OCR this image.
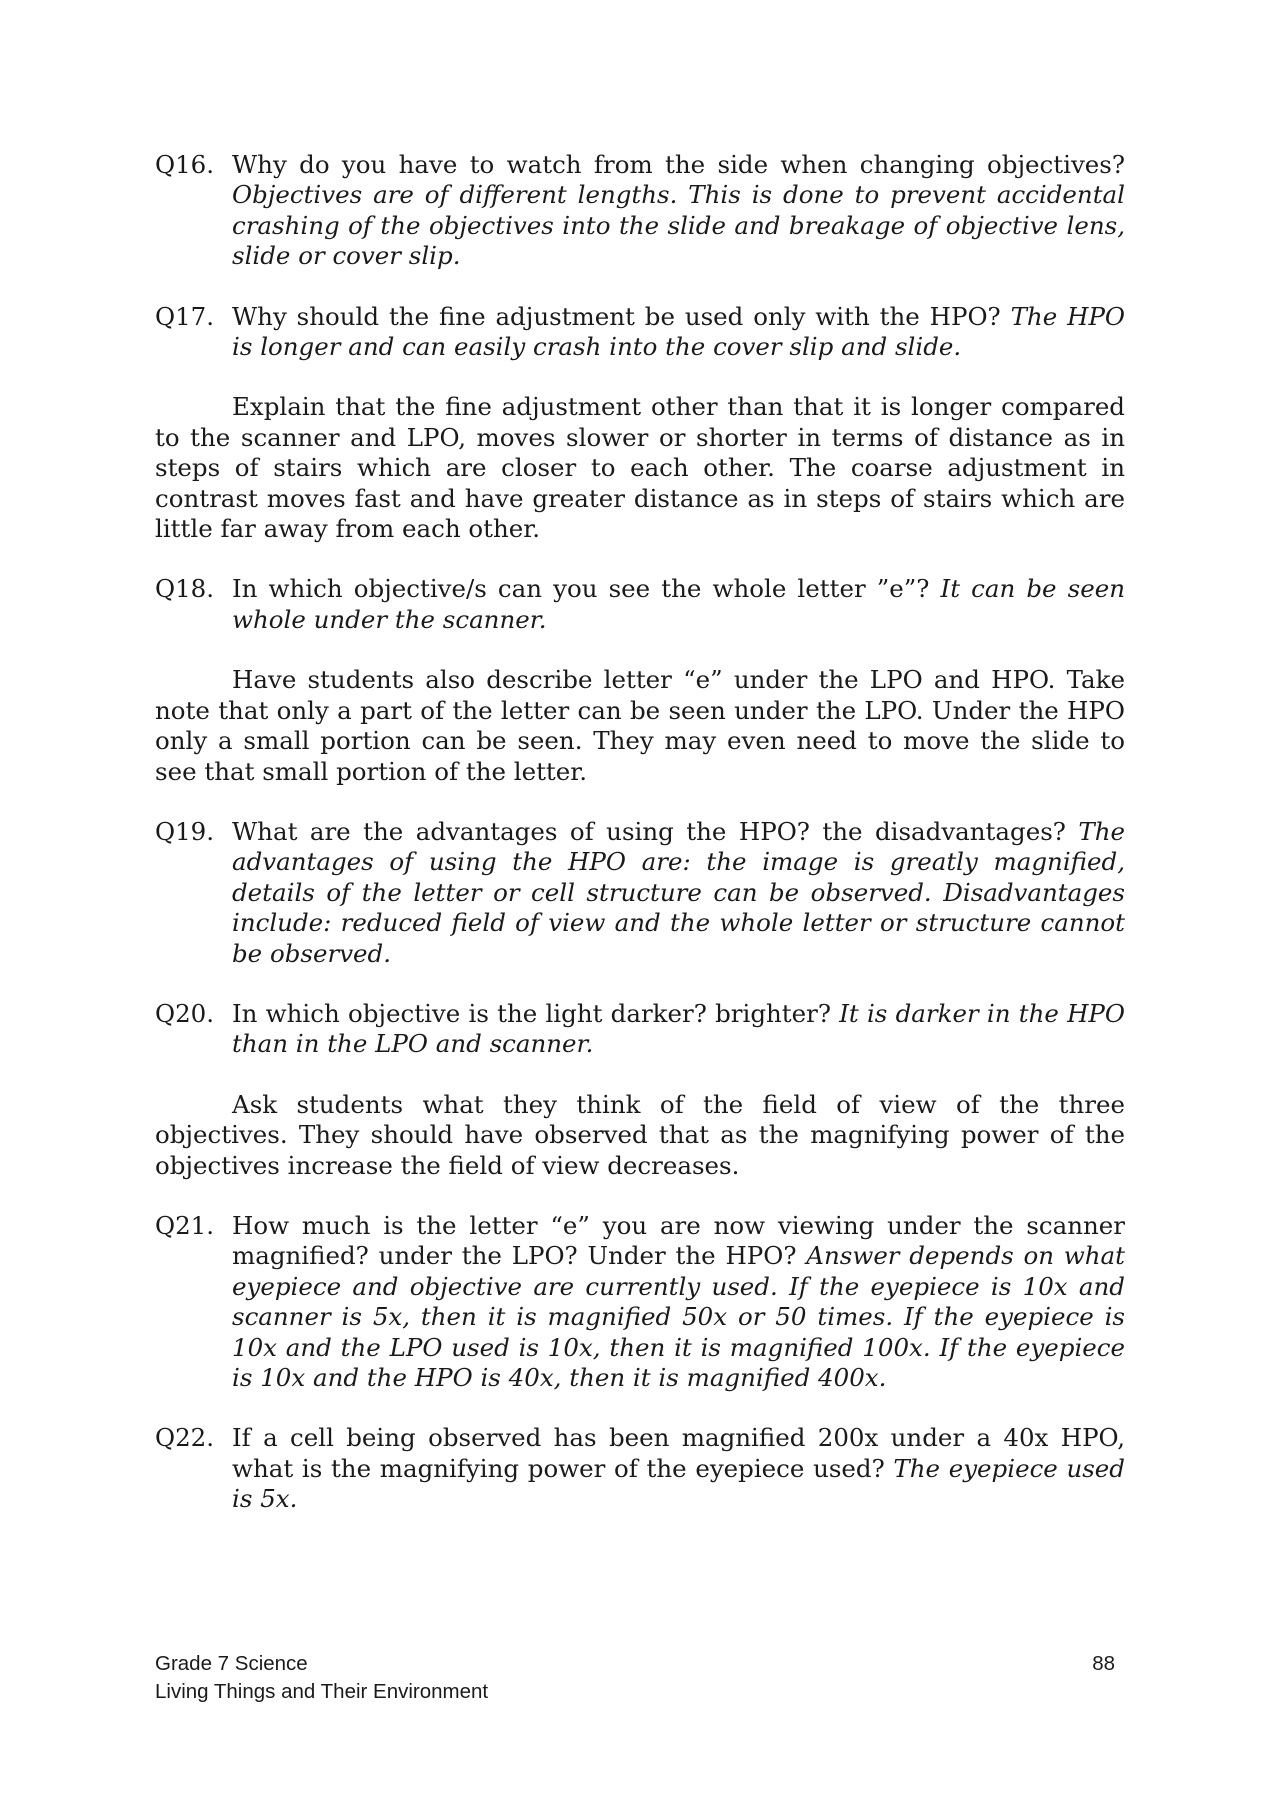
Q16. Why do you have to watch from the side when changing objectives? Objectives are of different lengths. This is done to prevent accidental crashing of the objectives into the slide and breakage of objective lens, slide or cover slip.
Q17. Why should the fine adjustment be used only with the HPO? The HPO is longer and can easily crash into the cover slip and slide.
Explain that the fine adjustment other than that it is longer compared to the scanner and LPO, moves slower or shorter in terms of distance as in steps of stairs which are closer to each other. The coarse adjustment in contrast moves fast and have greater distance as in steps of stairs which are little far away from each other.
Q18. In which objective/s can you see the whole letter ”e”? It can be seen whole under the scanner.
Have students also describe letter “e” under the LPO and HPO. Take note that only a part of the letter can be seen under the LPO. Under the HPO only a small portion can be seen. They may even need to move the slide to see that small portion of the letter.
Q19. What are the advantages of using the HPO? the disadvantages? The advantages of using the HPO are: the image is greatly magnified, details of the letter or cell structure can be observed. Disadvantages include: reduced field of view and the whole letter or structure cannot be observed.
Q20. In which objective is the light darker? brighter? It is darker in the HPO than in the LPO and scanner.
Ask students what they think of the field of view of the three objectives. They should have observed that as the magnifying power of the objectives increase the field of view decreases.
Q21. How much is the letter “e” you are now viewing under the scanner magnified? under the LPO? Under the HPO? Answer depends on what eyepiece and objective are currently used. If the eyepiece is 10x and scanner is 5x, then it is magnified 50x or 50 times. If the eyepiece is 10x and the LPO used is 10x, then it is magnified 100x. If the eyepiece is 10x and the HPO is 40x, then it is magnified 400x.
Q22. If a cell being observed has been magnified 200x under a 40x HPO, what is the magnifying power of the eyepiece used? The eyepiece used is 5x.
Grade 7 Science
Living Things and Their Environment
88
